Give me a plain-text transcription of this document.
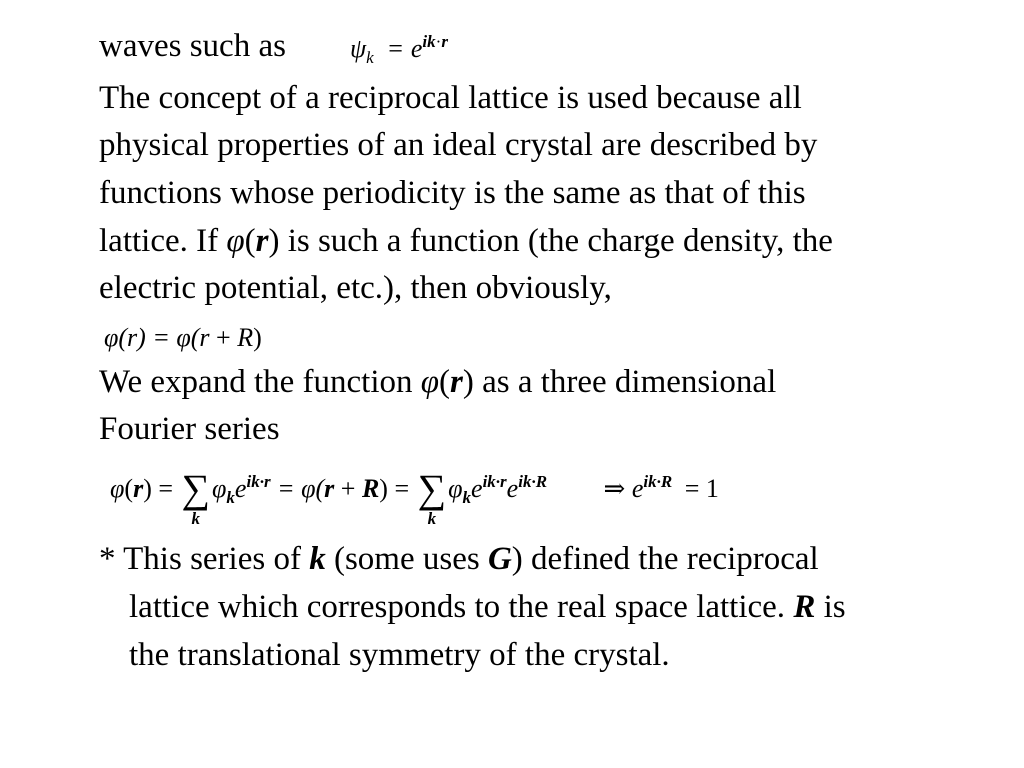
waves such as $\psi_k = e^{ik\cdot r}$
The concept of a reciprocal lattice is used because all
physical properties of an ideal crystal are described by
functions whose periodicity is the same as that of this
lattice. If φ(r) is such a function (the charge density, the
electric potential, etc.), then obviously,
φ(r) = φ(r + R)
We expand the function φ(r) as a three dimensional
Fourier series
φ(r) = ∑
k
$\varphi_ke^{ik\cdot r} = \varphi(r + R)$ = ∑
k
$\varphi_ke^{ik\cdot r}e^{ik\cdot R}$ ⇒ $e^{ik\cdot R} = 1$
* This series of k (some uses G) defined the reciprocal
lattice which corresponds to the real space lattice. R is
the translational symmetry of the crystal.
